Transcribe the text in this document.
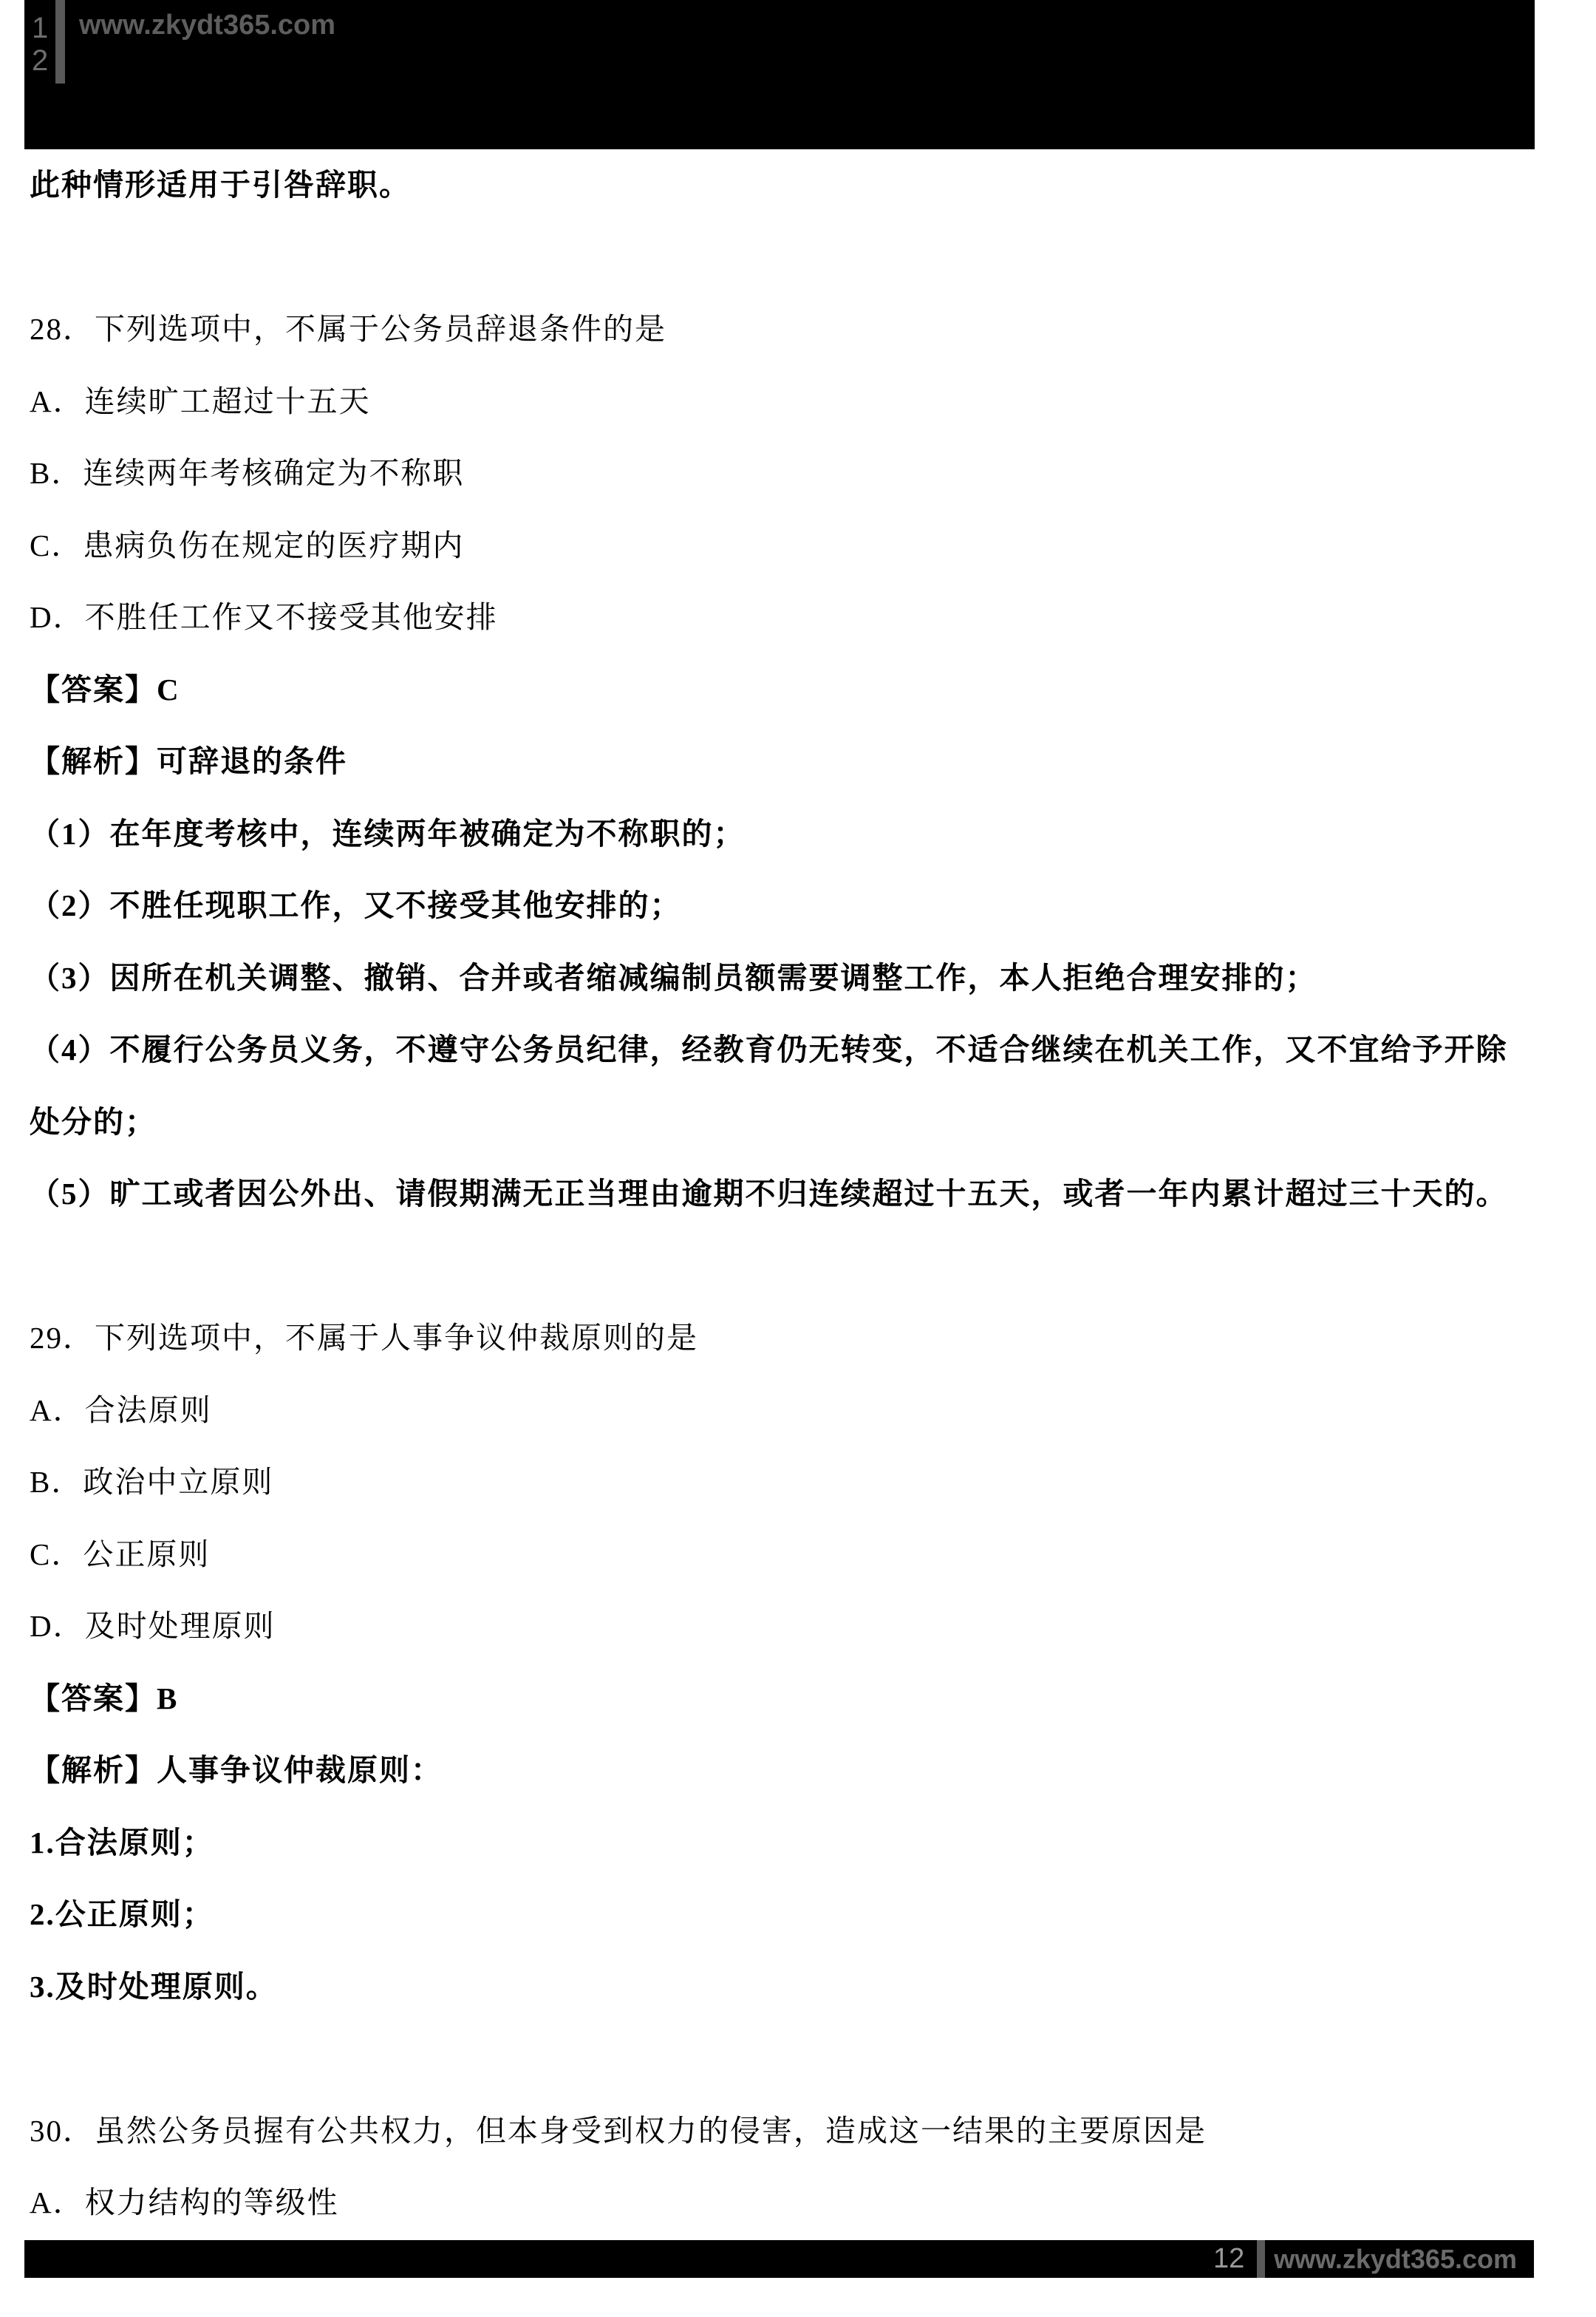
1
2
www.zkydt365.com

此种情形适用于引咎辞职。

28．下列选项中，不属于公务员辞退条件的是

A．连续旷工超过十五天

B．连续两年考核确定为不称职

C．患病负伤在规定的医疗期内

D．不胜任工作又不接受其他安排

【答案】C

【解析】可辞退的条件

（1）在年度考核中，连续两年被确定为不称职的；

（2）不胜任现职工作，又不接受其他安排的；

（3）因所在机关调整、撤销、合并或者缩减编制员额需要调整工作，本人拒绝合理安排的；

（4）不履行公务员义务，不遵守公务员纪律，经教育仍无转变，不适合继续在机关工作，又不宜给予开除

处分的；

（5）旷工或者因公外出、请假期满无正当理由逾期不归连续超过十五天，或者一年内累计超过三十天的。

29．下列选项中，不属于人事争议仲裁原则的是

A．合法原则

B．政治中立原则

C．公正原则

D．及时处理原则

【答案】B

【解析】人事争议仲裁原则：

1.合法原则；

2.公正原则；

3.及时处理原则。

30．虽然公务员握有公共权力，但本身受到权力的侵害，造成这一结果的主要原因是

A．权力结构的等级性

12 www.zkydt365.com
